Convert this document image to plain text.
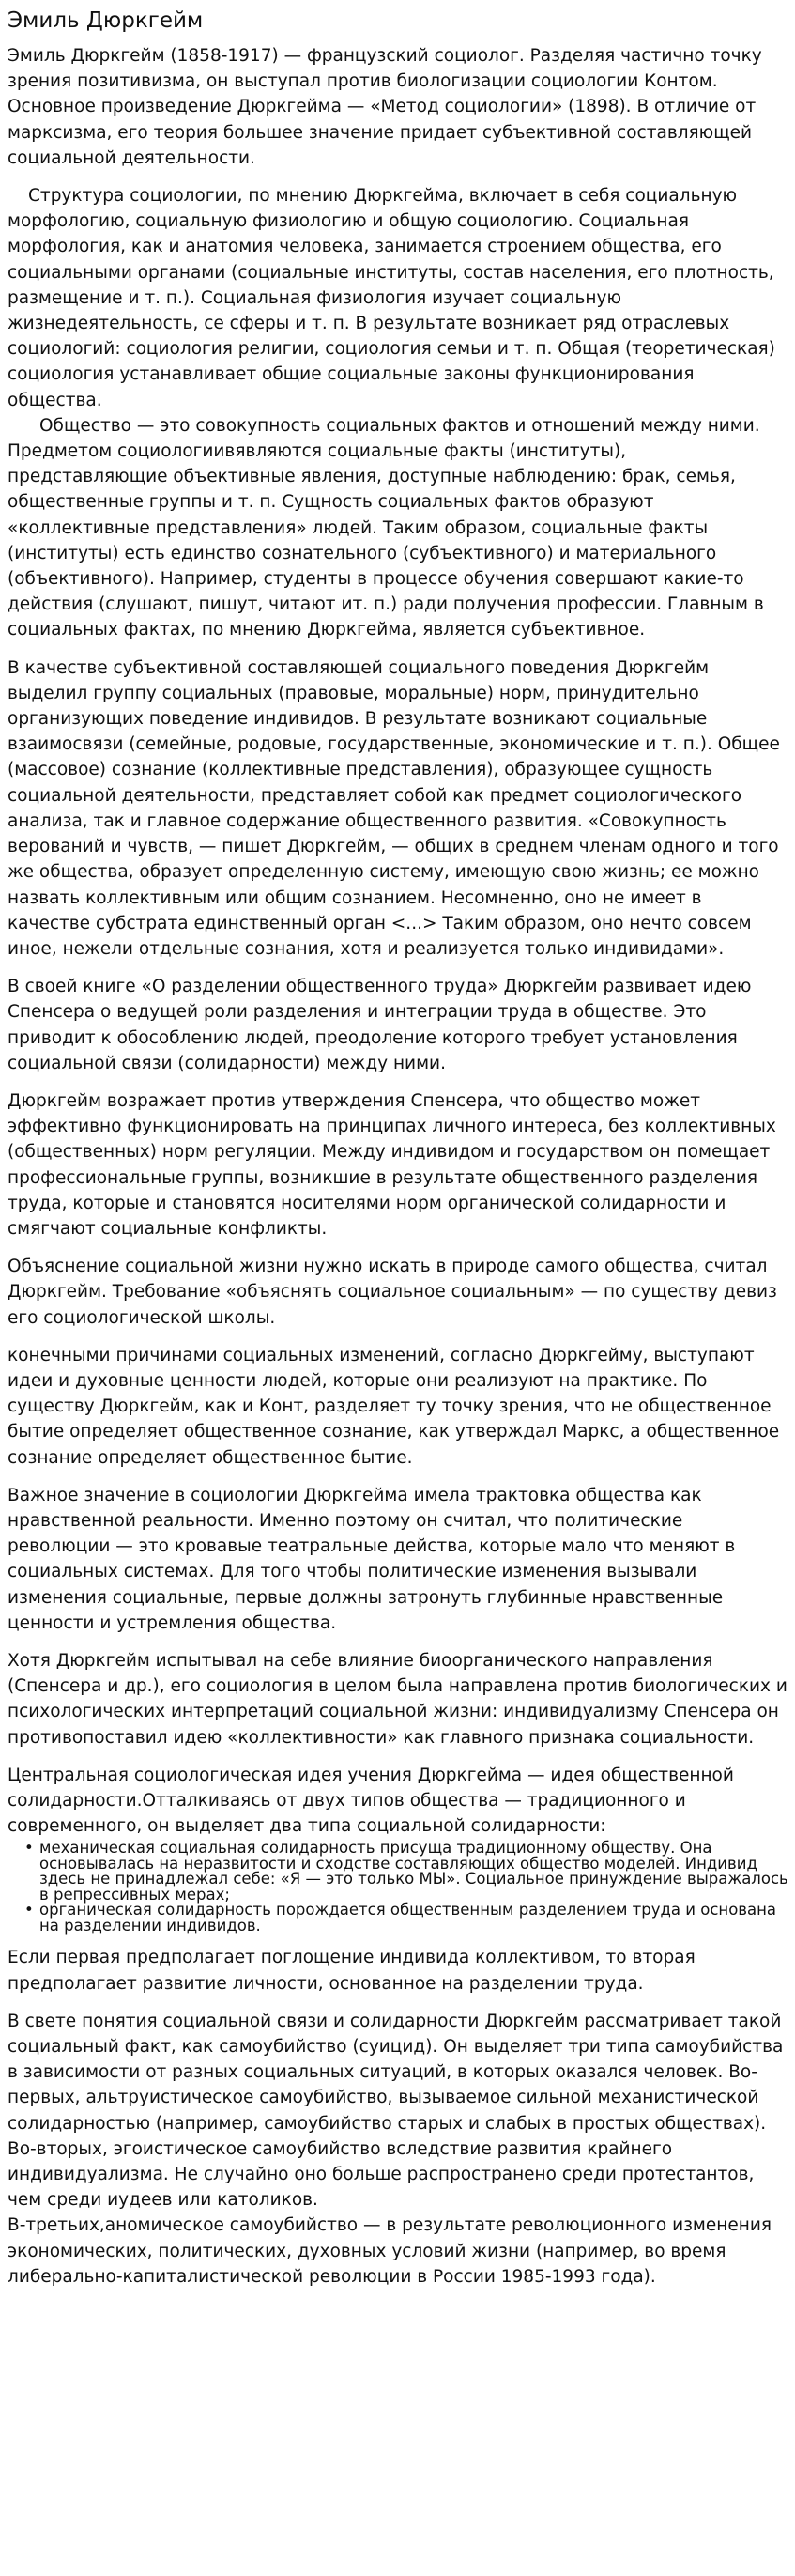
Эмиль Дюркгейм

Эмиль Дюркгейм (1858-1917) — французский социолог. Разделяя частично точку зрения позитивизма, он выступал против биологизации социологии Контом. Основное произведение Дюркгейма — «Метод социологии» (1898). В отличие от марксизма, его теория большее значение придает субъективной составляющей социальной деятельности.

Структура социологии, по мнению Дюркгейма, включает в себя социальную морфологию, социальную физиологию и общую социологию. Социальная морфология, как и анатомия человека, занимается строением общества, его социальными органами (социальные институты, состав населения, его плотность, размещение и т. п.). Социальная физиология изучает социальную жизнедеятельность, се сферы и т. п. В результате возникает ряд отраслевых социологий: социология религии, социология семьи и т. п. Общая (теоретическая) социология устанавливает общие социальные законы функционирования общества.

Общество — это совокупность социальных фактов и отношений между ними. Предметом социологиивявляются социальные факты (институты), представляющие объективные явления, доступные наблюдению: брак, семья, общественные группы и т. п. Сущность социальных фактов образуют «коллективные представления» людей. Таким образом, социальные факты (институты) есть единство сознательного (субъективного) и материального (объективного). Например, студенты в процессе обучения совершают какие-то действия (слушают, пишут, читают ит. п.) ради получения профессии. Главным в социальных фактах, по мнению Дюркгейма, является субъективное.

В качестве субъективной составляющей социального поведения Дюркгейм выделил группу социальных (правовые, моральные) норм, принудительно организующих поведение индивидов. В результате возникают социальные взаимосвязи (семейные, родовые, государственные, экономические и т. п.). Общее (массовое) сознание (коллективные представления), образующее сущность социальной деятельности, представляет собой как предмет социологического анализа, так и главное содержание общественного развития. «Совокупность верований и чувств, — пишет Дюркгейм, — общих в среднем членам одного и того же общества, образует определенную систему, имеющую свою жизнь; ее можно назвать коллективным или общим сознанием. Несомненно, оно не имеет в качестве субстрата единственный орган <...> Таким образом, оно нечто совсем иное, нежели отдельные сознания, хотя и реализуется только индивидами».

В своей книге «О разделении общественного труда» Дюркгейм развивает идею Спенсера о ведущей роли разделения и интеграции труда в обществе. Это приводит к обособлению людей, преодоление которого требует установления социальной связи (солидарности) между ними.

Дюркгейм возражает против утверждения Спенсера, что общество может эффективно функционировать на принципах личного интереса, без коллективных (общественных) норм регуляции. Между индивидом и государством он помещает профессиональные группы, возникшие в результате общественного разделения труда, которые и становятся носителями норм органической солидарности и смягчают социальные конфликты.

Объяснение социальной жизни нужно искать в природе самого общества, считал Дюркгейм. Требование «объяснять социальное социальным» — по существу девиз его социологической школы.

конечными причинами социальных изменений, согласно Дюркгейму, выступают идеи и духовные ценности людей, которые они реализуют на практике. По существу Дюркгейм, как и Конт, разделяет ту точку зрения, что не общественное бытие определяет общественное сознание, как утверждал Маркс, а общественное сознание определяет общественное бытие.

Важное значение в социологии Дюркгейма имела трактовка общества как нравственной реальности. Именно поэтому он считал, что политические революции — это кровавые театральные действа, которые мало что меняют в социальных системах. Для того чтобы политические изменения вызывали изменения социальные, первые должны затронуть глубинные нравственные ценности и устремления общества.

Хотя Дюркгейм испытывал на себе влияние биоорганического направления (Спенсера и др.), его социология в целом была направлена против биологических и психологических интерпретаций социальной жизни: индивидуализму Спенсера он противопоставил идею «коллективности» как главного признака социальности.

Центральная социологическая идея учения Дюркгейма — идея общественной солидарности.Отталкиваясь от двух типов общества — традиционного и современного, он выделяет два типа социальной солидарности:

• механическая социальная солидарность присуща традиционному обществу. Она основывалась на неразвитости и сходстве составляющих общество моделей. Индивид здесь не принадлежал себе: «Я — это только МЫ». Социальное принуждение выражалось в репрессивных мерах;
• органическая солидарность порождается общественным разделением труда и основана на разделении индивидов.

Если первая предполагает поглощение индивида коллективом, то вторая предполагает развитие личности, основанное на разделении труда.

В свете понятия социальной связи и солидарности Дюркгейм рассматривает такой социальный факт, как самоубийство (суицид). Он выделяет три типа самоубийства в зависимости от разных социальных ситуаций, в которых оказался человек. Во-первых, альтруистическое самоубийство, вызываемое сильной механистической солидарностью (например, самоубийство старых и слабых в простых обществах). Во-вторых, эгоистическое самоубийство вследствие развития крайнего индивидуализма. Не случайно оно больше распространено среди протестантов, чем среди иудеев или католиков.

В-третьих,аномическое самоубийство — в результате революционного изменения экономических, политических, духовных условий жизни (например, во время либерально-капиталистической революции в России 1985-1993 года).
